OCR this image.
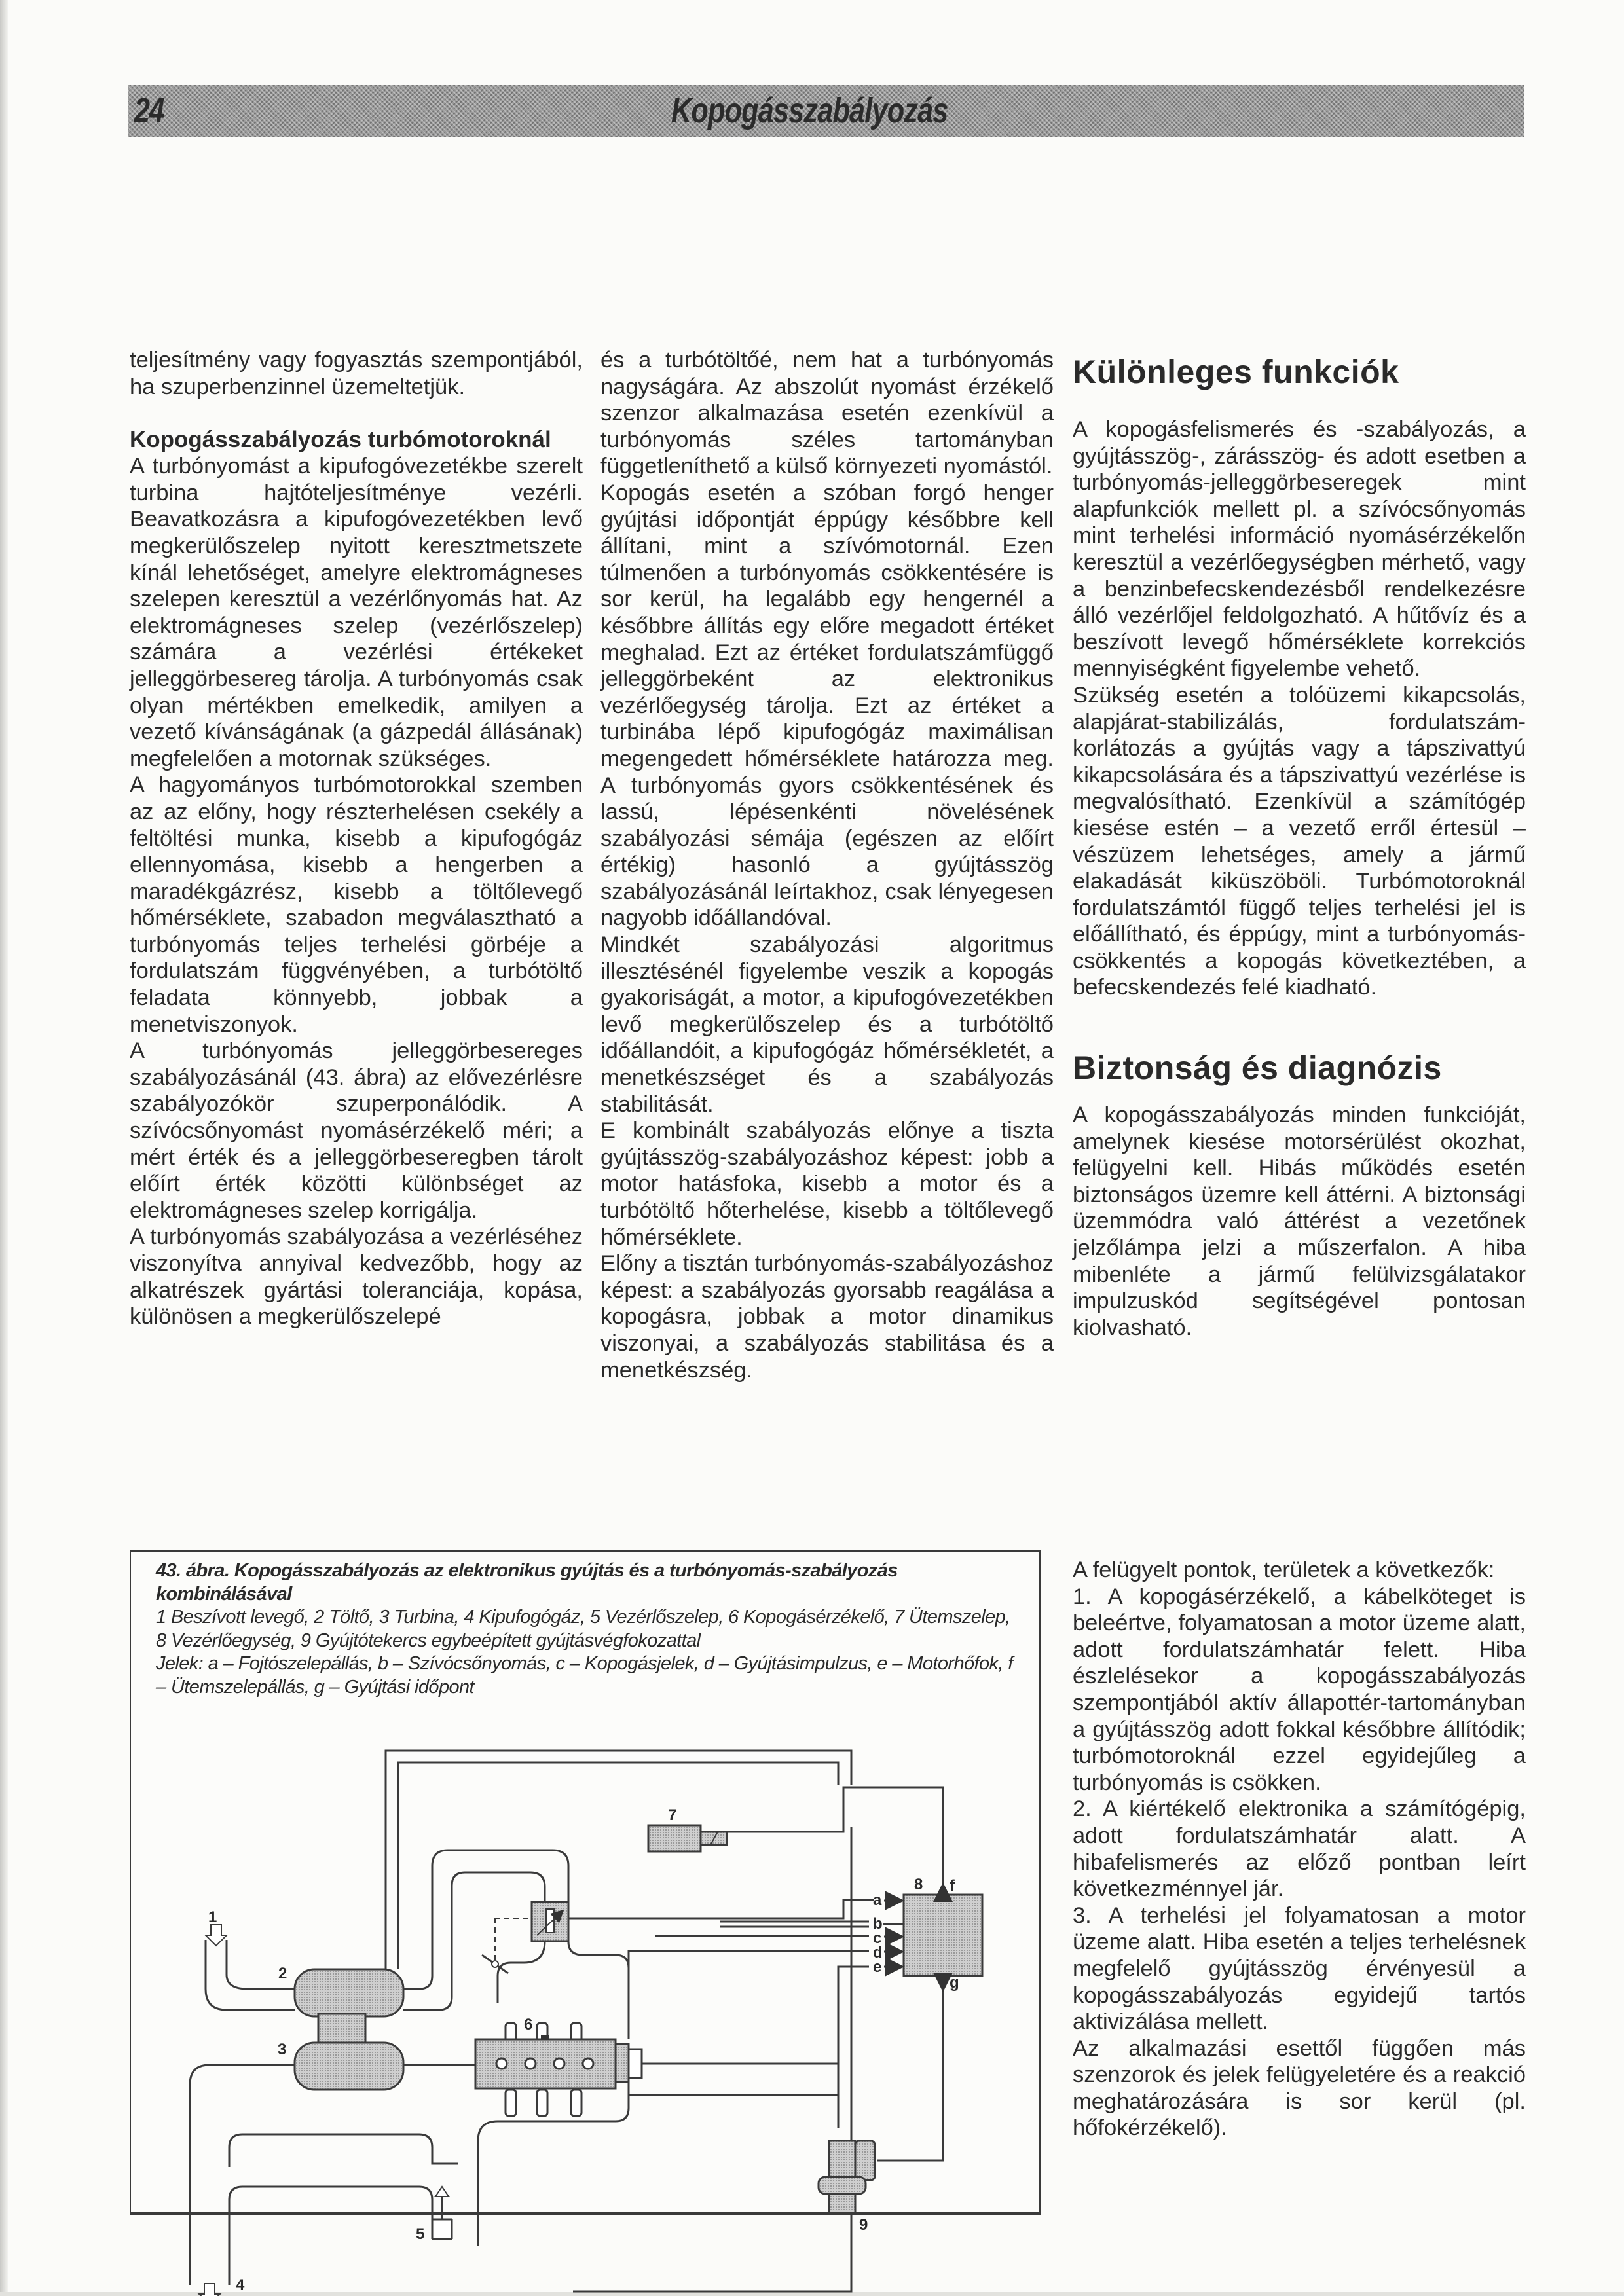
24	Kopogásszabályozás

teljesítmény vagy fogyasztás szempontjából, ha szuperbenzinnel üzemeltetjük.

Kopogásszabályozás turbómotoroknál

A turbónyomást a kipufogóvezetékbe szerelt turbina hajtóteljesítménye vezérli. Beavatkozásra a kipufogóvezetékben levő megkerülőszelep nyitott keresztmetszete kínál lehetőséget, amelyre elektromágneses szelepen keresztül a vezérlőnyomás hat. Az elektromágneses szelep (vezérlőszelep) számára a vezérlési értékeket jelleggörbesereg tárolja. A turbónyomás csak olyan mértékben emelkedik, amilyen a vezető kívánságának (a gázpedál állásának) megfelelően a motornak szükséges.

A hagyományos turbómotorokkal szemben az az előny, hogy részterhelésen csekély a feltöltési munka, kisebb a kipufogógáz ellennyomása, kisebb a hengerben a maradékgázrész, kisebb a töltőlevegő hőmérséklete, szabadon megválasztható a turbónyomás teljes terhelési görbéje a fordulatszám függvényében, a turbótöltő feladata könnyebb, jobbak a menetviszonyok.

A turbónyomás jelleggörbesereges szabályozásánál (43. ábra) az elővezérlésre szabályozókör szuperponálódik. A szívócsőnyomást nyomásérzékelő méri; a mért érték és a jelleggörbeseregben tárolt előírt érték közötti különbséget az elektromágneses szelep korrigálja.

A turbónyomás szabályozása a vezérléséhez viszonyítva annyival kedvezőbb, hogy az alkatrészek gyártási toleranciája, kopása, különösen a megkerülőszelepé

és a turbótöltőé, nem hat a turbónyomás nagyságára. Az abszolút nyomást érzékelő szenzor alkalmazása esetén ezenkívül a turbónyomás széles tartományban függetleníthető a külső környezeti nyomástól.

Kopogás esetén a szóban forgó henger gyújtási időpontját éppúgy későbbre kell állítani, mint a szívómotornál. Ezen túlmenően a turbónyomás csökkentésére is sor kerül, ha legalább egy hengernél a későbbre állítás egy előre megadott értéket meghalad. Ezt az értéket fordulatszámfüggő jelleggörbeként az elektronikus vezérlőegység tárolja. Ezt az értéket a turbinába lépő kipufogógáz maximálisan megengedett hőmérséklete határozza meg. A turbónyomás gyors csökkentésének és lassú, lépésenkénti növelésének szabályozási sémája (egészen az előírt értékig) hasonló a gyújtásszög szabályozásánál leírtakhoz, csak lényegesen nagyobb időállandóval.

Mindkét szabályozási algoritmus illesztésénél figyelembe veszik a kopogás gyakoriságát, a motor, a kipufogóvezetékben levő megkerülőszelep és a turbótöltő időállandóit, a kipufogógáz hőmérsékletét, a menetkészséget és a szabályozás stabilitását.

E kombinált szabályozás előnye a tiszta gyújtásszög-szabályozáshoz képest: jobb a motor hatásfoka, kisebb a motor és a turbótöltő hőterhelése, kisebb a töltőlevegő hőmérséklete.

Előny a tisztán turbónyomás-szabályozáshoz képest: a szabályozás gyorsabb reagálása a kopogásra, jobbak a motor dinamikus viszonyai, a szabályozás stabilitása és a menetkészség.

Különleges funkciók

A kopogásfelismerés és -szabályozás, a gyújtásszög-, zárásszög- és adott esetben a turbónyomás-jelleggörbeseregek mint alapfunkciók mellett pl. a szívócsőnyomás mint terhelési információ nyomásérzékelőn keresztül a vezérlőegységben mérhető, vagy a benzinbefecskendezésből rendelkezésre álló vezérlőjel feldolgozható. A hűtővíz és a beszívott levegő hőmérséklete korrekciós mennyiségként figyelembe vehető.

Szükség esetén a tolóüzemi kikapcsolás, alapjárat-stabilizálás, fordulatszám-korlátozás a gyújtás vagy a tápszivattyú kikapcsolására és a tápszivattyú vezérlése is megvalósítható. Ezenkívül a számítógép kiesése estén – a vezető erről értesül – vészüzem lehetséges, amely a jármű elakadását kiküszöböli. Turbómotoroknál fordulatszámtól függő teljes terhelési jel is előállítható, és éppúgy, mint a turbónyomás-csökkentés a kopogás következtében, a befecskendezés felé kiadható.

Biztonság és diagnózis

A kopogásszabályozás minden funkcióját, amelynek kiesése motorsérülést okozhat, felügyelni kell. Hibás működés esetén biztonságos üzemre kell áttérni. A biztonsági üzemmódra való áttérést a vezetőnek jelzőlámpa jelzi a műszerfalon. A hiba mibenléte a jármű felülvizsgálatakor impulzuskód segítségével pontosan kiolvasható.

A felügyelt pontok, területek a következők:

1. A kopogásérzékelő, a kábelköteget is beleértve, folyamatosan a motor üzeme alatt, adott fordulatszámhatár felett. Hiba észlelésekor a kopogásszabályozás szempontjából aktív állapottér-tartományban a gyújtásszög adott fokkal későbbre állítódik; turbómotoroknál ezzel egyidejűleg a turbónyomás is csökken.

2. A kiértékelő elektronika a számítógépig, adott fordulatszámhatár alatt. A hibafelismerés az előző pontban leírt következménnyel jár.

3. A terhelési jel folyamatosan a motor üzeme alatt. Hiba esetén a teljes terhelésnek megfelelő gyújtásszög érvényesül a kopogásszabályozás egyidejű tartós aktivizálása mellett.

Az alkalmazási esettől függően más szenzorok és jelek felügyeletére és a reakció meghatározására is sor kerül (pl. hőfokérzékelő).

43. ábra. Kopogásszabályozás az elektronikus gyújtás és a turbónyomás-szabályozás kombinálásával

1 Beszívott levegő, 2 Töltő, 3 Turbina, 4 Kipufogógáz, 5 Vezérlőszelep, 6 Kopogásérzékelő, 7 Ütemszelep, 8 Vezérlőegység, 9 Gyújtótekercs egybeépített gyújtásvégfokozattal

Jelek: a – Fojtószelepállás, b – Szívócsőnyomás, c – Kopogásjelek, d – Gyújtásimpulzus, e – Motorhőfok, f – Ütemszelepállás, g – Gyújtási időpont

1
2
3
4
5
6
7
8
9
a
b
c
d
e
f
g
